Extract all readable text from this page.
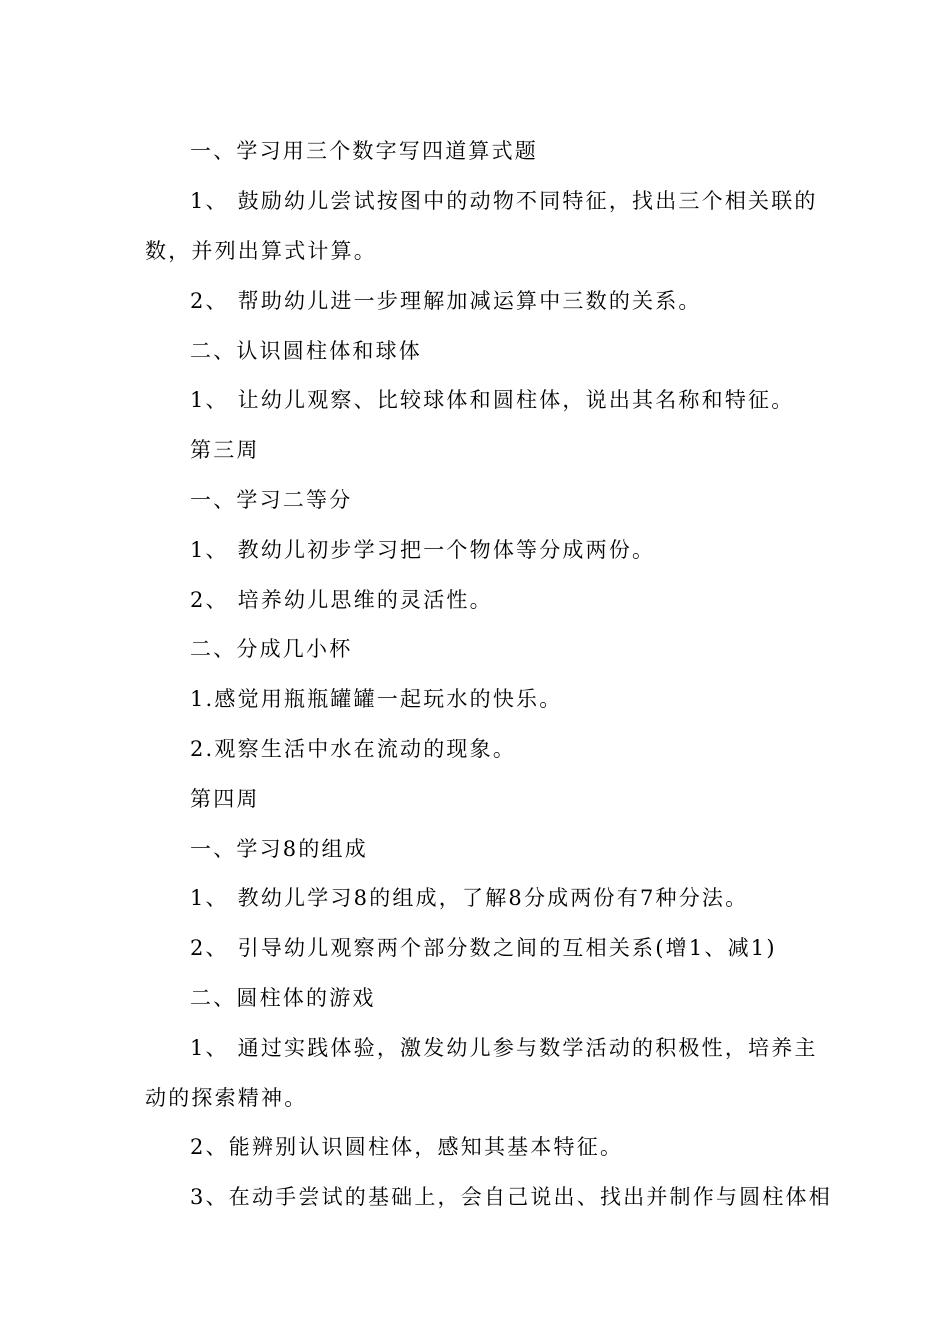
一、学习用三个数字写四道算式题
1、 鼓励幼儿尝试按图中的动物不同特征，找出三个相关联的
数，并列出算式计算。
2、 帮助幼儿进一步理解加减运算中三数的关系。
二、认识圆柱体和球体
1、 让幼儿观察、比较球体和圆柱体，说出其名称和特征。
第三周
一、学习二等分
1、 教幼儿初步学习把一个物体等分成两份。
2、 培养幼儿思维的灵活性。
二、分成几小杯
1.感觉用瓶瓶罐罐一起玩水的快乐。
2.观察生活中水在流动的现象。
第四周
一、学习8的组成
1、 教幼儿学习8的组成，了解8分成两份有7种分法。
2、 引导幼儿观察两个部分数之间的互相关系(增1、减1)
二、圆柱体的游戏
1、 通过实践体验，激发幼儿参与数学活动的积极性，培养主
动的探索精神。
2、能辨别认识圆柱体，感知其基本特征。
3、在动手尝试的基础上，会自己说出、找出并制作与圆柱体相
